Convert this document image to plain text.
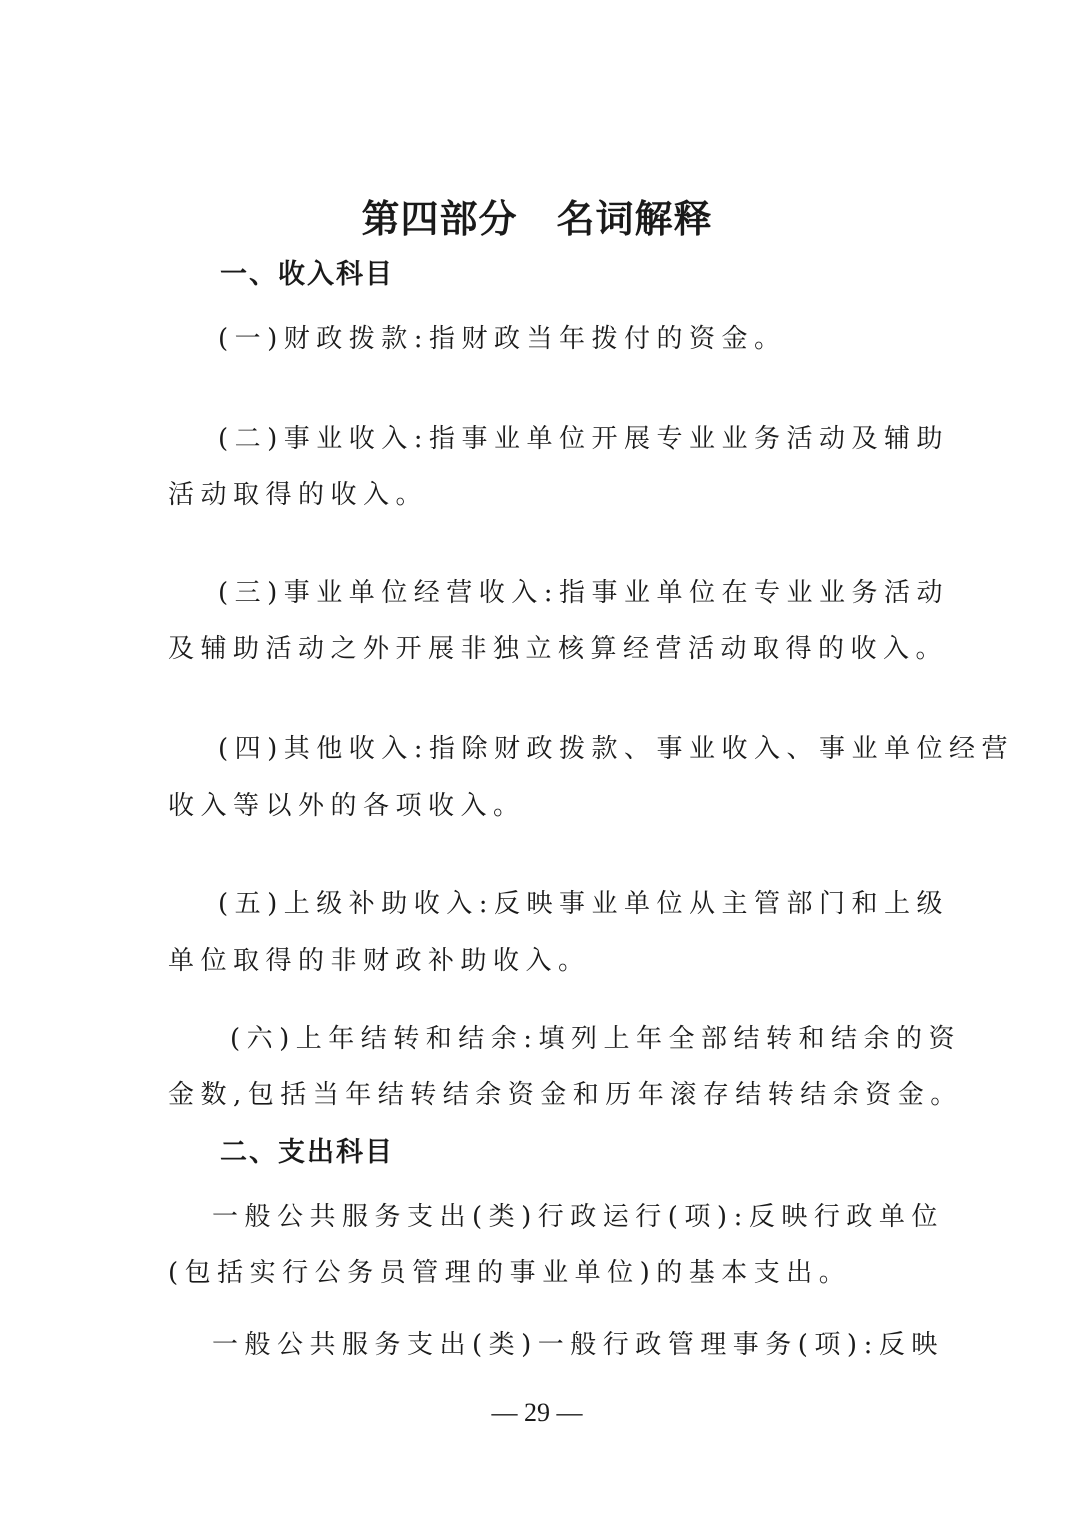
第四部分　名词解释
一、收入科目
(一)财政拨款:指财政当年拨付的资金。
(二)事业收入:指事业单位开展专业业务活动及辅助
活动取得的收入。
(三)事业单位经营收入:指事业单位在专业业务活动
及辅助活动之外开展非独立核算经营活动取得的收入。
(四)其他收入:指除财政拨款、事业收入、事业单位经营
收入等以外的各项收入。
(五)上级补助收入:反映事业单位从主管部门和上级
单位取得的非财政补助收入。
(六)上年结转和结余:填列上年全部结转和结余的资
金数,包括当年结转结余资金和历年滚存结转结余资金。
二、支出科目
一般公共服务支出(类)行政运行(项):反映行政单位
(包括实行公务员管理的事业单位)的基本支出。
一般公共服务支出(类)一般行政管理事务(项):反映
— 29 —
